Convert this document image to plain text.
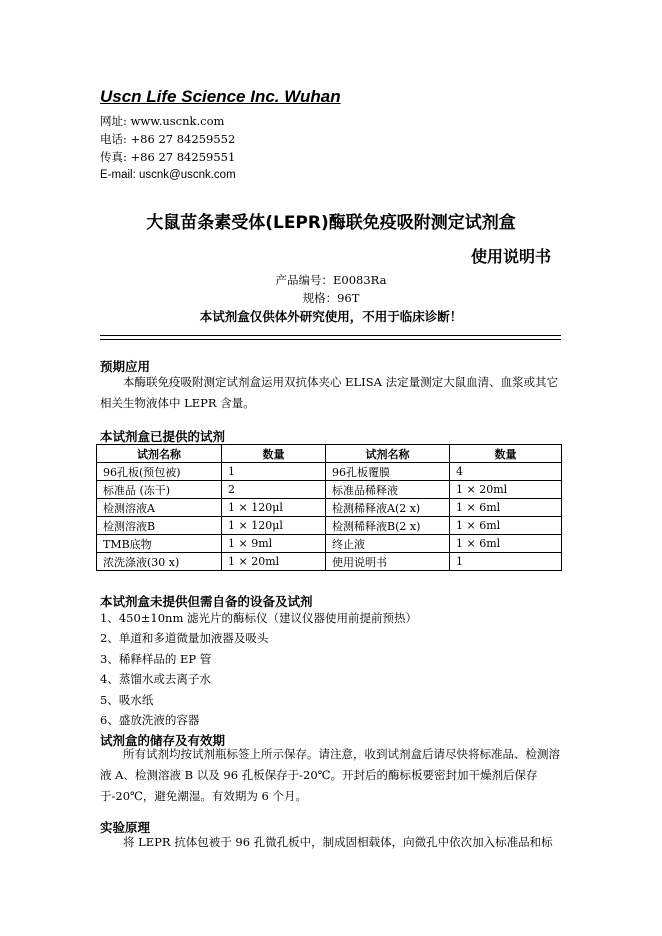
Uscn Life Science Inc. Wuhan
网址: www.uscnk.com
电话: +86 27 84259552
传真: +86 27 84259551
E-mail: uscnk@uscnk.com
大鼠苗条素受体(LEPR)酶联免疫吸附测定试剂盒
使用说明书
产品编号：E0083Ra
规格：96T
本试剂盒仅供体外研究使用，不用于临床诊断！
预期应用
本酶联免疫吸附测定试剂盒运用双抗体夹心 ELISA 法定量测定大鼠血清、血浆或其它相关生物液体中 LEPR 含量。
本试剂盒已提供的试剂
试剂名称	数量	试剂名称	数量
96孔板(预包被)	1	96孔板覆膜	4
标准品 (冻干)	2	标准品稀释液	1 × 20ml
检测溶液A	1 × 120μl	检测稀释液A(2 x)	1 × 6ml
检测溶液B	1 × 120μl	检测稀释液B(2 x)	1 × 6ml
TMB底物	1 × 9ml	终止液	1 × 6ml
浓洗涤液(30 x)	1 × 20ml	使用说明书	1
本试剂盒未提供但需自备的设备及试剂
1、450±10nm 滤光片的酶标仪（建议仪器使用前提前预热）
2、单道和多道微量加液器及吸头
3、稀释样品的 EP 管
4、蒸馏水或去离子水
5、吸水纸
6、盛放洗液的容器
试剂盒的储存及有效期
所有试剂均按试剂瓶标签上所示保存。请注意，收到试剂盒后请尽快将标准品、检测溶液 A、检测溶液 B 以及 96 孔板保存于-20℃。开封后的酶标板要密封加干燥剂后保存于-20℃，避免潮湿。有效期为 6 个月。
实验原理
将 LEPR 抗体包被于 96 孔微孔板中，制成固相载体，向微孔中依次加入标准品和标
